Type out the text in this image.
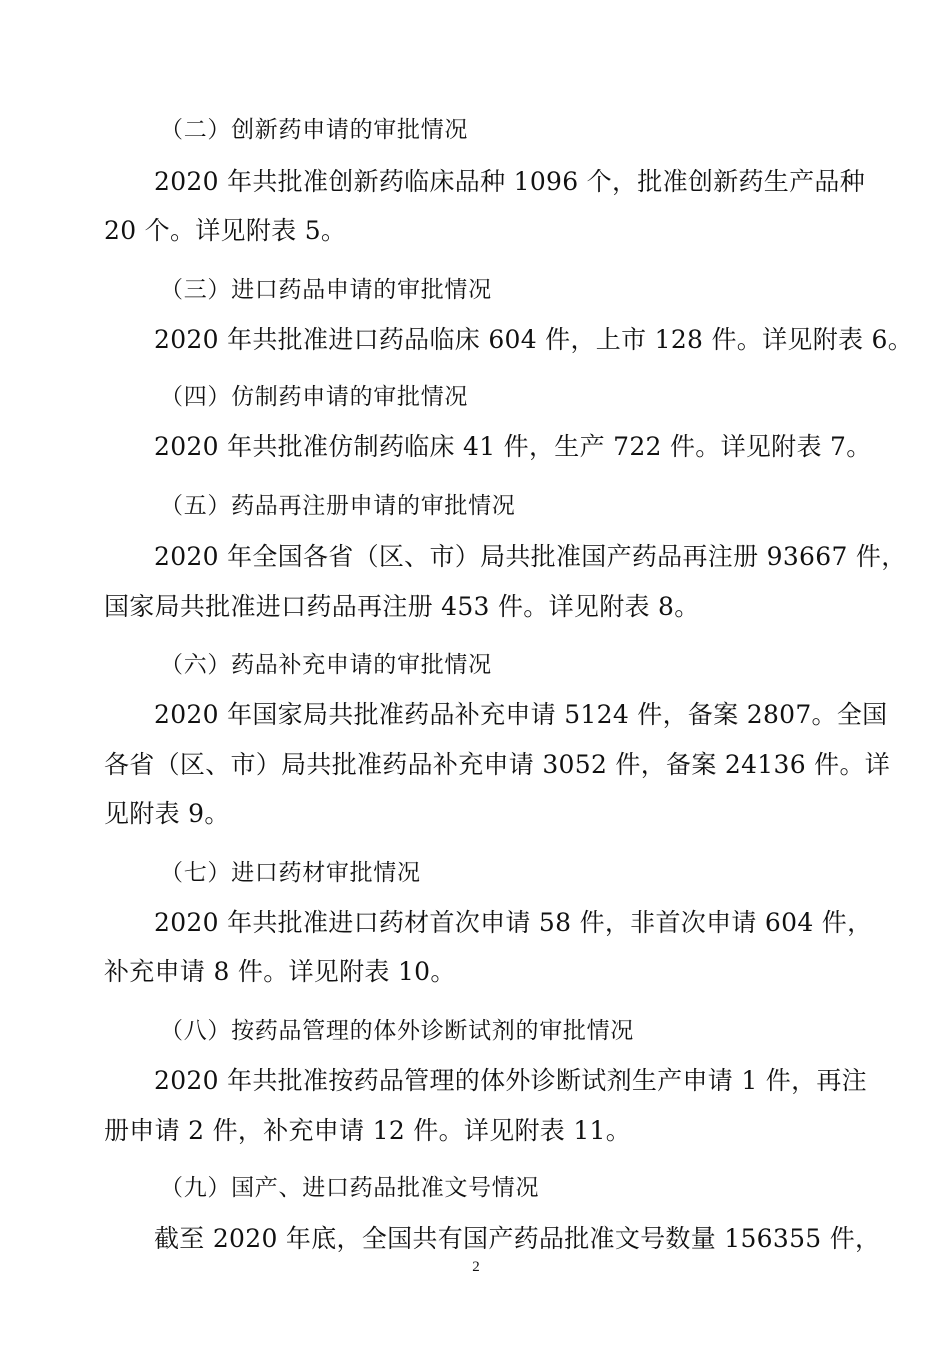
（二）创新药申请的审批情况
2020 年共批准创新药临床品种 1096 个，批准创新药生产品种
20 个。详见附表 5。
（三）进口药品申请的审批情况
2020 年共批准进口药品临床 604 件，上市 128 件。详见附表 6。
（四）仿制药申请的审批情况
2020 年共批准仿制药临床 41 件，生产 722 件。详见附表 7。
（五）药品再注册申请的审批情况
2020 年全国各省（区、市）局共批准国产药品再注册 93667 件，
国家局共批准进口药品再注册 453 件。详见附表 8。
（六）药品补充申请的审批情况
2020 年国家局共批准药品补充申请 5124 件，备案 2807。全国
各省（区、市）局共批准药品补充申请 3052 件，备案 24136 件。详
见附表 9。
（七）进口药材审批情况
2020 年共批准进口药材首次申请 58 件，非首次申请 604 件，
补充申请 8 件。详见附表 10。
（八）按药品管理的体外诊断试剂的审批情况
2020 年共批准按药品管理的体外诊断试剂生产申请 1 件，再注
册申请 2 件，补充申请 12 件。详见附表 11。
（九）国产、进口药品批准文号情况
截至 2020 年底，全国共有国产药品批准文号数量 156355 件，
2
